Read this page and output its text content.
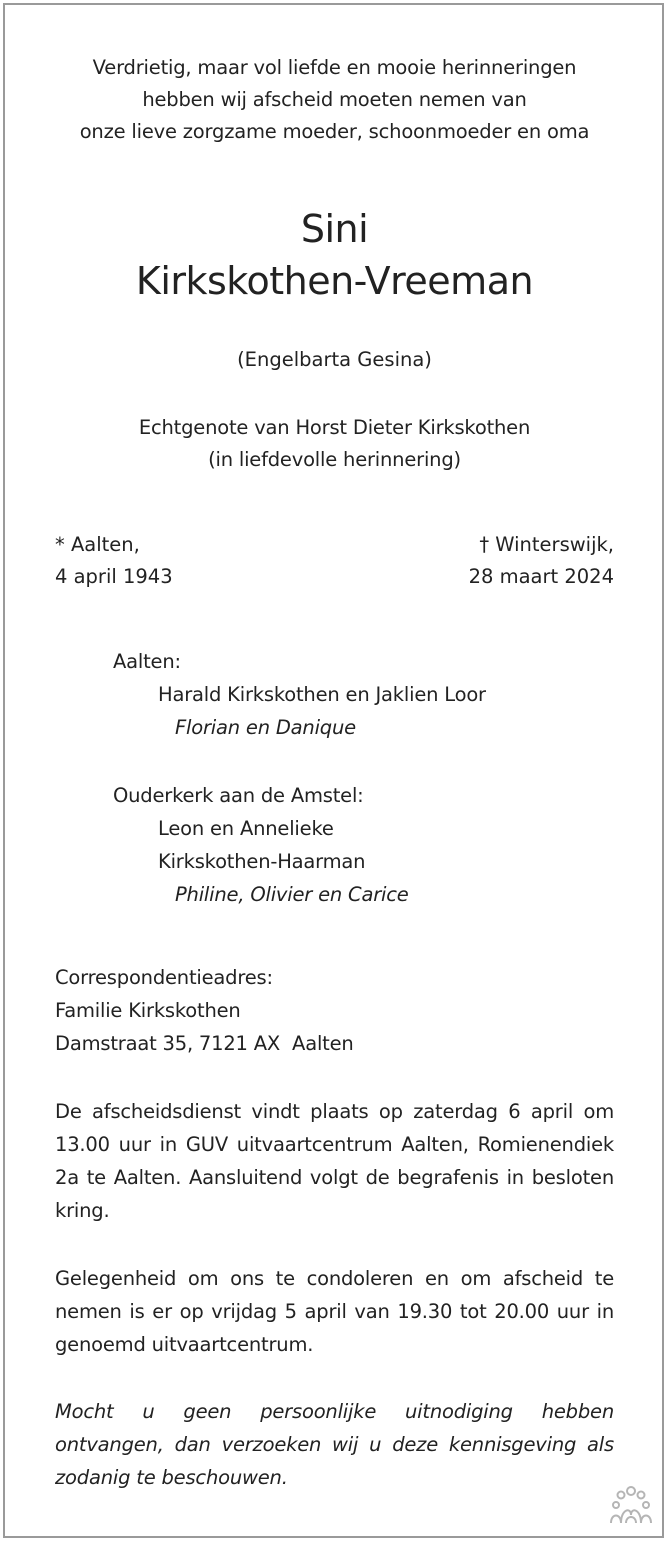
Verdrietig, maar vol liefde en mooie herinneringen
hebben wij afscheid moeten nemen van
onze lieve zorgzame moeder, schoonmoeder en oma
Sini
Kirkskothen-Vreeman
(Engelbarta Gesina)
Echtgenote van Horst Dieter Kirkskothen
(in liefdevolle herinnering)
* Aalten,
4 april 1943
† Winterswijk,
28 maart 2024
Aalten:
Harald Kirkskothen en Jaklien Loor
Florian en Danique
Ouderkerk aan de Amstel:
Leon en Annelieke
Kirkskothen-Haarman
Philine, Olivier en Carice
Correspondentieadres:
Familie Kirkskothen
Damstraat 35, 7121 AX  Aalten
De afscheidsdienst vindt plaats op zaterdag 6 april om 13.00 uur in GUV uitvaartcentrum Aalten, Romienendiek 2a te Aalten. Aansluitend volgt de begrafenis in besloten kring.
Gelegenheid om ons te condoleren en om afscheid te nemen is er op vrijdag 5 april van 19.30 tot 20.00 uur in genoemd uitvaartcentrum.
Mocht u geen persoonlijke uitnodiging hebben ontvangen, dan verzoeken wij u deze kennisgeving als zodanig te beschouwen.
